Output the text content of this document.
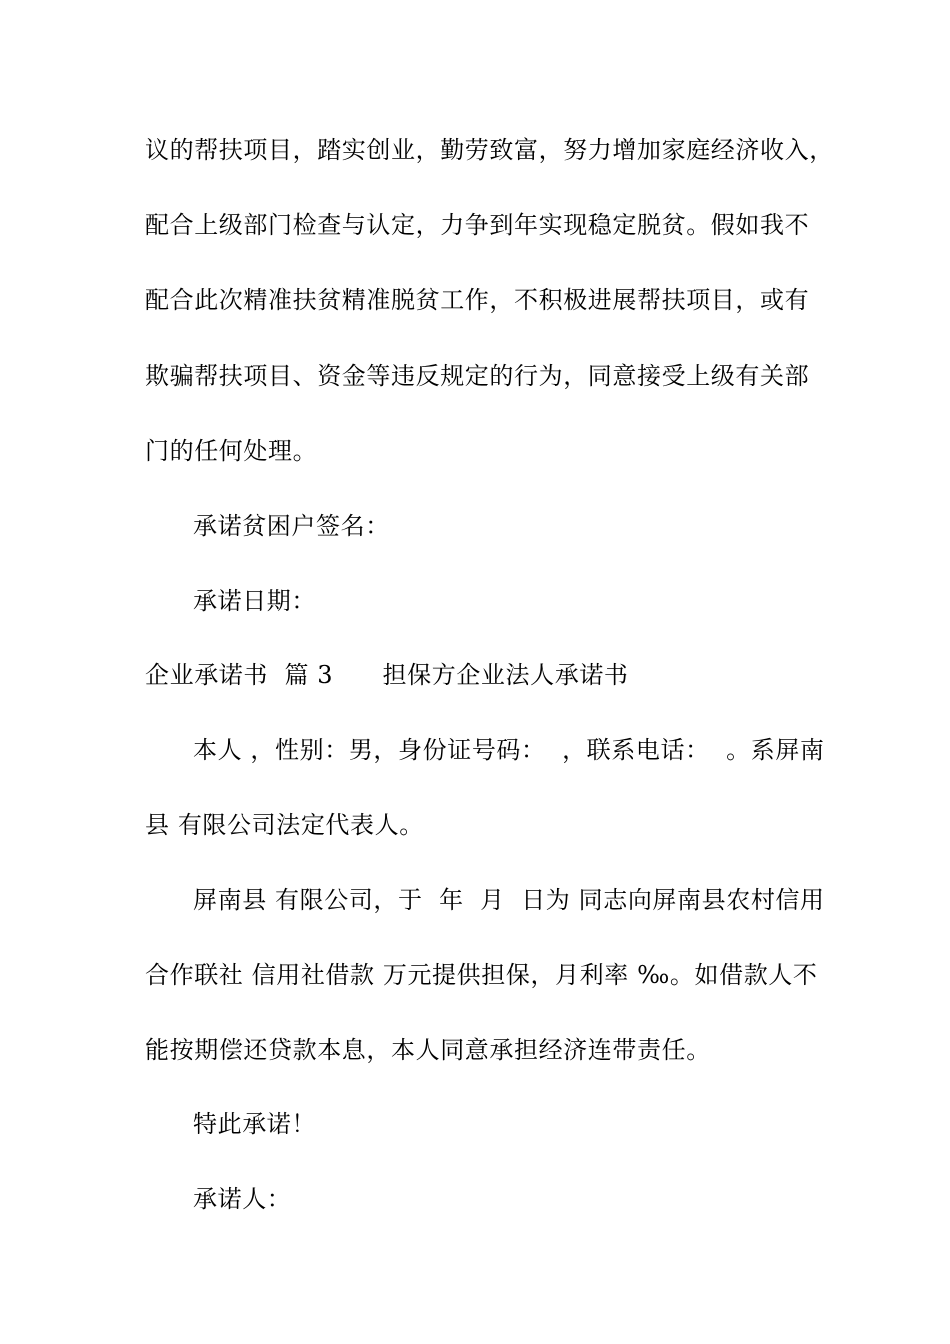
议的帮扶项目，踏实创业，勤劳致富，努力增加家庭经济收入，
配合上级部门检查与认定，力争到年实现稳定脱贫。假如我不
配合此次精准扶贫精准脱贫工作，不积极进展帮扶项目，或有
欺骗帮扶项目、资金等违反规定的行为，同意接受上级有关部
门的任何处理。
承诺贫困户签名：
承诺日期：
企业承诺书  篇 3      担保方企业法人承诺书
本人 ，性别：男，身份证号码：  ，联系电话：  。系屏南
县 有限公司法定代表人。
屏南县 有限公司，于  年  月  日为 同志向屏南县农村信用
合作联社 信用社借款 万元提供担保，月利率 ‰。如借款人不
能按期偿还贷款本息，本人同意承担经济连带责任。
特此承诺！
承诺人：
